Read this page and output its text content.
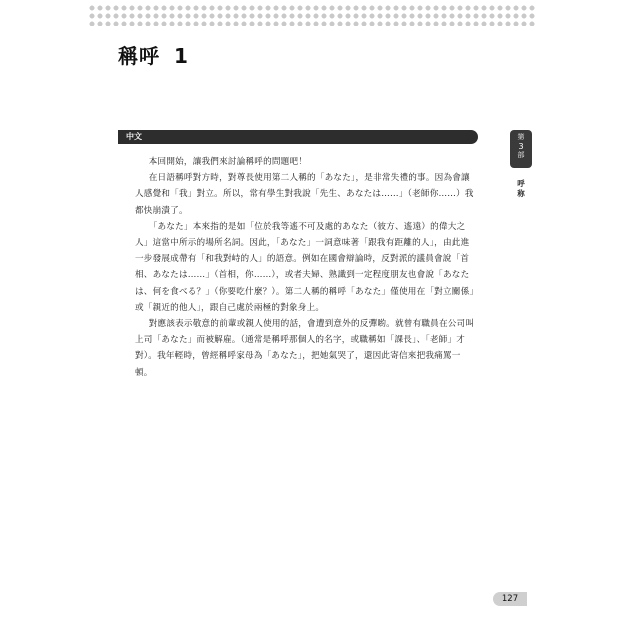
稱呼 1
中文	第
3
部
呼
称

本回開始，讓我們來討論稱呼的問題吧！

在日語稱呼對方時，對尊長使用第二人稱的「あなた」，是非常失禮的事。因為會讓人感覺和「我」對立。所以，常有學生對我說「先生、あなたは……」（老師你……）我都快崩潰了。

「あなた」本來指的是如「位於我等遙不可及處的あなた（彼方、遙遠）的偉大之人」這當中所示的場所名詞。因此，「あなた」一詞意味著「跟我有距離的人」，由此進一步發展成帶有「和我對峙的人」的語意。例如在國會辯論時，反對派的議員會說「首相、あなたは……」（首相，你……），或者夫婦、熟識到一定程度朋友也會說「あなたは、何を食べる？」（你要吃什麼？）。第二人稱的稱呼「あなた」僅使用在「對立關係」或「親近的他人」，跟自己處於兩極的對象身上。

對應該表示敬意的前輩或親人使用的話，會遭到意外的反彈喲。就曾有職員在公司叫上司「あなた」而被解雇。（通常是稱呼那個人的名字，或職稱如「課長」、「老師」才對）。我年輕時，曾經稱呼家母為「あなた」，把她氣哭了，還因此寄信來把我痛罵一頓。

127
